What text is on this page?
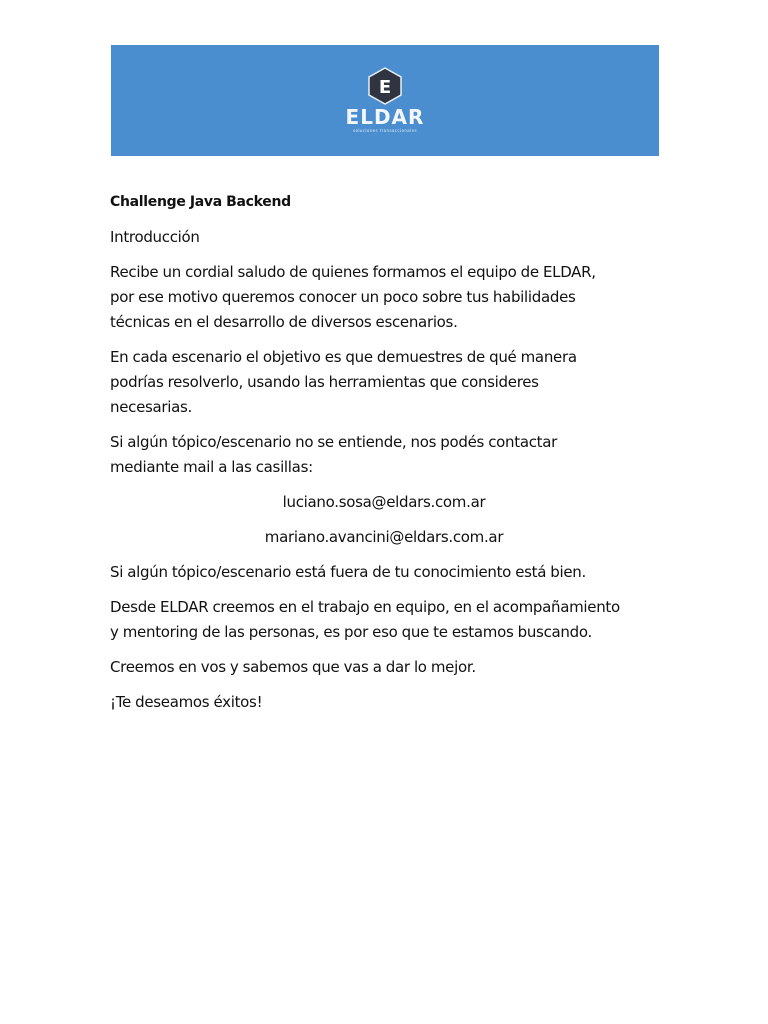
E
ELDAR
soluciones transaccionales

Challenge Java Backend

Introducción

Recibe un cordial saludo de quienes formamos el equipo de ELDAR,

por ese motivo queremos conocer un poco sobre tus habilidades

técnicas en el desarrollo de diversos escenarios.

En cada escenario el objetivo es que demuestres de qué manera

podrías resolverlo, usando las herramientas que consideres

necesarias.

Si algún tópico/escenario no se entiende, nos podés contactar

mediante mail a las casillas:

luciano.sosa@eldars.com.ar

mariano.avancini@eldars.com.ar

Si algún tópico/escenario está fuera de tu conocimiento está bien.

Desde ELDAR creemos en el trabajo en equipo, en el acompañamiento

y mentoring de las personas, es por eso que te estamos buscando.

Creemos en vos y sabemos que vas a dar lo mejor.

¡Te deseamos éxitos!
